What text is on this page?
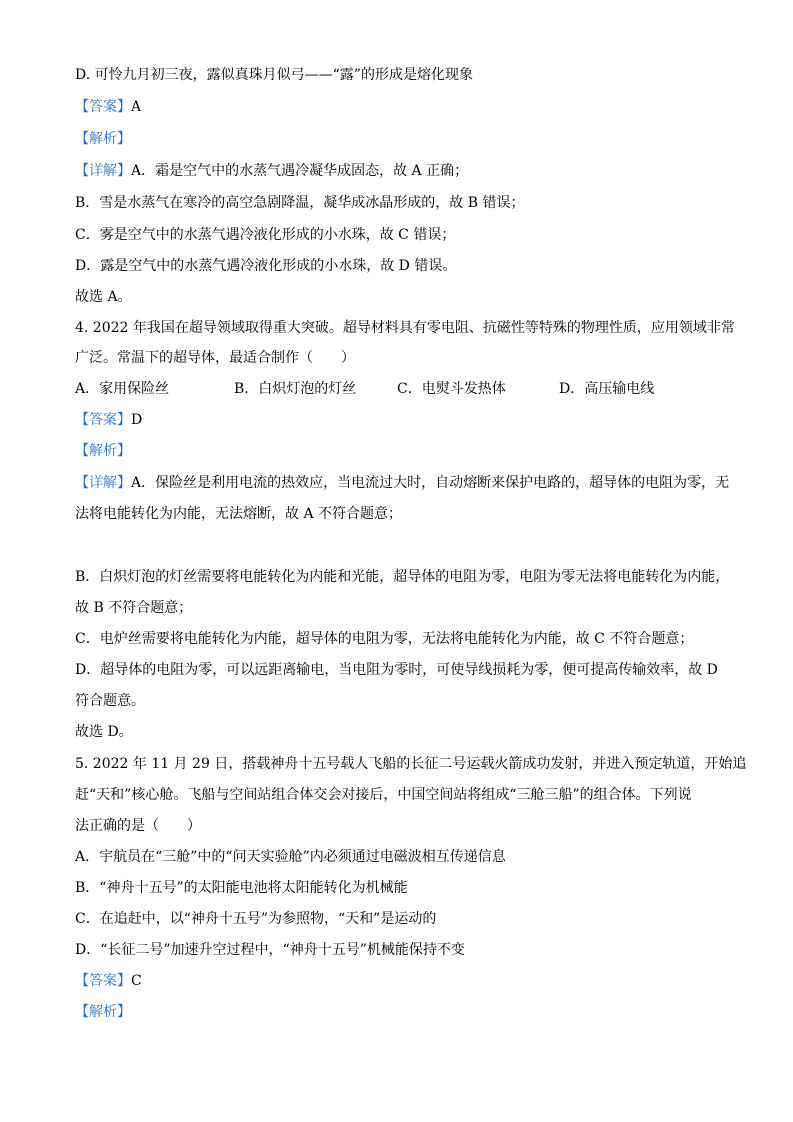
D. 可怜九月初三夜，露似真珠月似弓——“露”的形成是熔化现象
【答案】A
【解析】
【详解】A．霜是空气中的水蒸气遇冷凝华成固态，故 A 正确；
B．雪是水蒸气在寒冷的高空急剧降温，凝华成冰晶形成的，故 B 错误；
C．雾是空气中的水蒸气遇冷液化形成的小水珠，故 C 错误；
D．露是空气中的水蒸气遇冷液化形成的小水珠，故 D 错误。
故选 A。
4. 2022 年我国在超导领域取得重大突破。超导材料具有零电阻、抗磁性等特殊的物理性质，应用领域非常
广泛。常温下的超导体，最适合制作（　　）
A．家用保险丝	B．白炽灯泡的灯丝	C．电熨斗发热体	D．高压输电线
【答案】D
【解析】
【详解】A．保险丝是利用电流的热效应，当电流过大时，自动熔断来保护电路的，超导体的电阻为零，无
法将电能转化为内能，无法熔断，故 A 不符合题意；
B．白炽灯泡的灯丝需要将电能转化为内能和光能，超导体的电阻为零，电阻为零无法将电能转化为内能，
故 B 不符合题意；
C．电炉丝需要将电能转化为内能，超导体的电阻为零，无法将电能转化为内能，故 C 不符合题意；
D．超导体的电阻为零，可以远距离输电，当电阻为零时，可使导线损耗为零，便可提高传输效率，故 D
符合题意。
故选 D。
5. 2022 年 11 月 29 日，搭载神舟十五号载人飞船的长征二号运载火箭成功发射，并进入预定轨道，开始追
赶“天和”核心舱。飞船与空间站组合体交会对接后，中国空间站将组成“三舱三船”的组合体。下列说
法正确的是（　　）
A．宇航员在“三舱”中的“问天实验舱”内必须通过电磁波相互传递信息
B．“神舟十五号”的太阳能电池将太阳能转化为机械能
C．在追赶中，以“神舟十五号”为参照物，“天和”是运动的
D．“长征二号”加速升空过程中，“神舟十五号”机械能保持不变
【答案】C
【解析】
